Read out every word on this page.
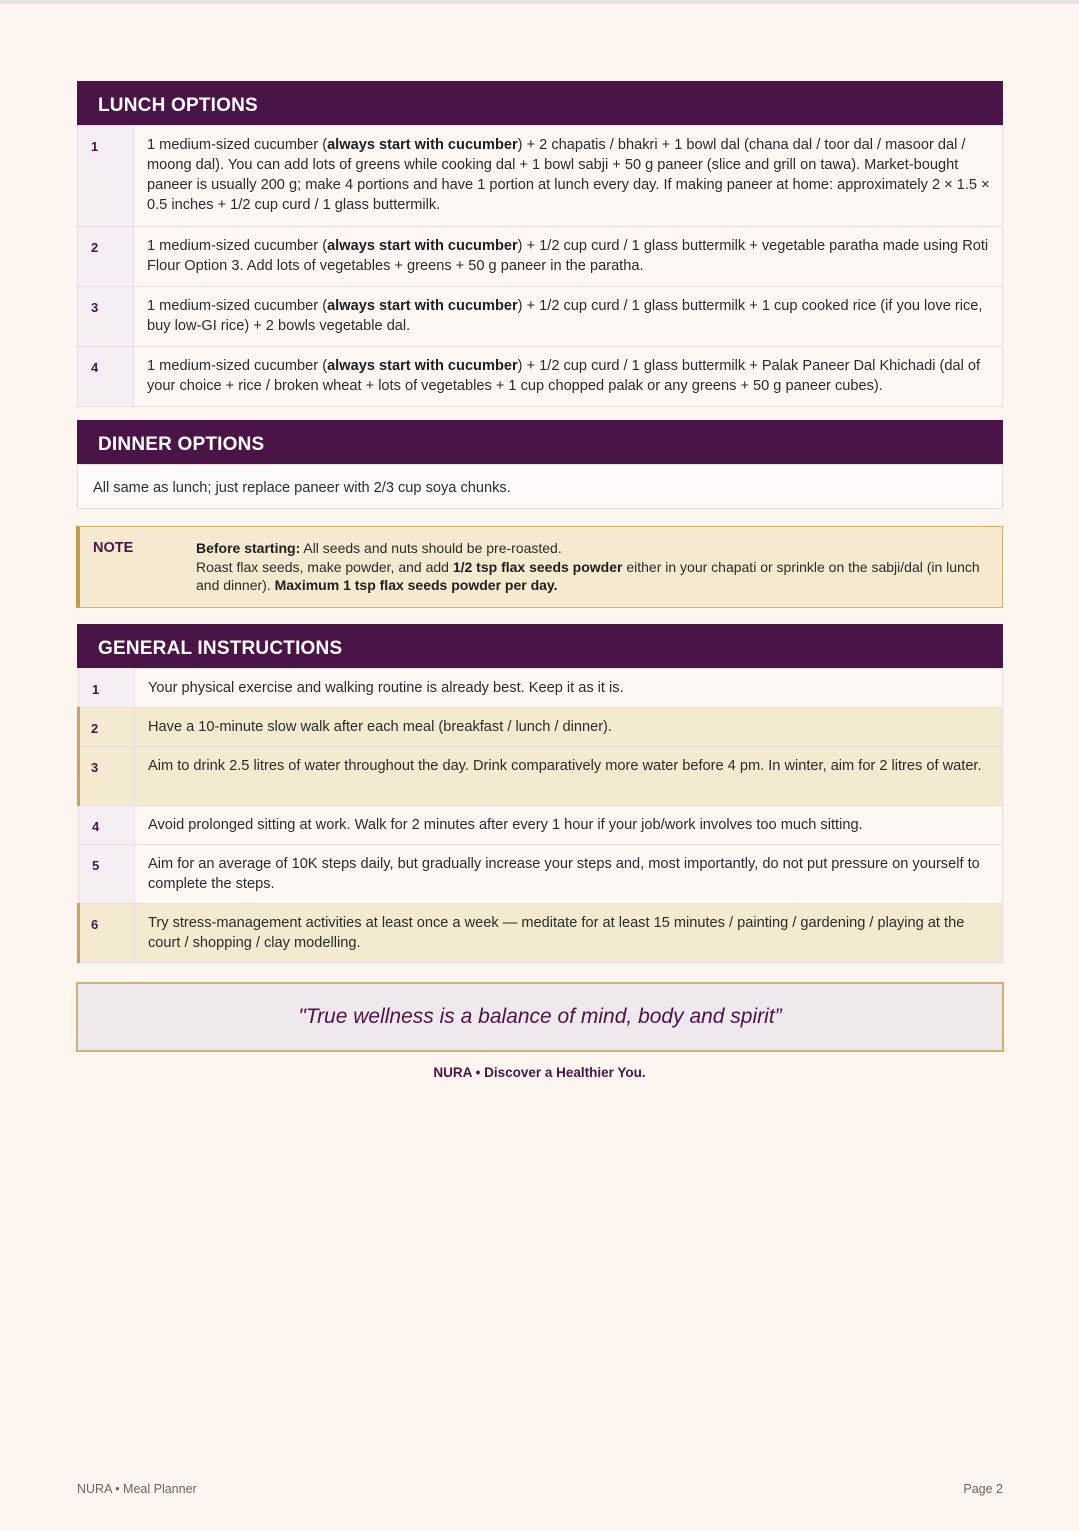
LUNCH OPTIONS
1	1 medium-sized cucumber (always start with cucumber) + 2 chapatis / bhakri + 1 bowl dal (chana dal / toor dal / masoor dal / moong dal). You can add lots of greens while cooking dal + 1 bowl sabji + 50 g paneer (slice and grill on tawa). Market-bought paneer is usually 200 g; make 4 portions and have 1 portion at lunch every day. If making paneer at home: approximately 2 × 1.5 × 0.5 inches + 1/2 cup curd / 1 glass buttermilk.
2	1 medium-sized cucumber (always start with cucumber) + 1/2 cup curd / 1 glass buttermilk + vegetable paratha made using Roti Flour Option 3. Add lots of vegetables + greens + 50 g paneer in the paratha.
3	1 medium-sized cucumber (always start with cucumber) + 1/2 cup curd / 1 glass buttermilk + 1 cup cooked rice (if you love rice, buy low-GI rice) + 2 bowls vegetable dal.
4	1 medium-sized cucumber (always start with cucumber) + 1/2 cup curd / 1 glass buttermilk + Palak Paneer Dal Khichadi (dal of your choice + rice / broken wheat + lots of vegetables + 1 cup chopped palak or any greens + 50 g paneer cubes).
DINNER OPTIONS
All same as lunch; just replace paneer with 2/3 cup soya chunks.
NOTE	Before starting: All seeds and nuts should be pre-roasted.
Roast flax seeds, make powder, and add 1/2 tsp flax seeds powder either in your chapati or sprinkle on the sabji/dal (in lunch and dinner). Maximum 1 tsp flax seeds powder per day.
GENERAL INSTRUCTIONS
1	Your physical exercise and walking routine is already best. Keep it as it is.
2	Have a 10-minute slow walk after each meal (breakfast / lunch / dinner).
3	Aim to drink 2.5 litres of water throughout the day. Drink comparatively more water before 4 pm. In winter, aim for 2 litres of water.
4	Avoid prolonged sitting at work. Walk for 2 minutes after every 1 hour if your job/work involves too much sitting.
5	Aim for an average of 10K steps daily, but gradually increase your steps and, most importantly, do not put pressure on yourself to complete the steps.
6	Try stress-management activities at least once a week — meditate for at least 15 minutes / painting / gardening / playing at the court / shopping / clay modelling.
"True wellness is a balance of mind, body and spirit”
NURA • Discover a Healthier You.
NURA • Meal Planner	Page 2
